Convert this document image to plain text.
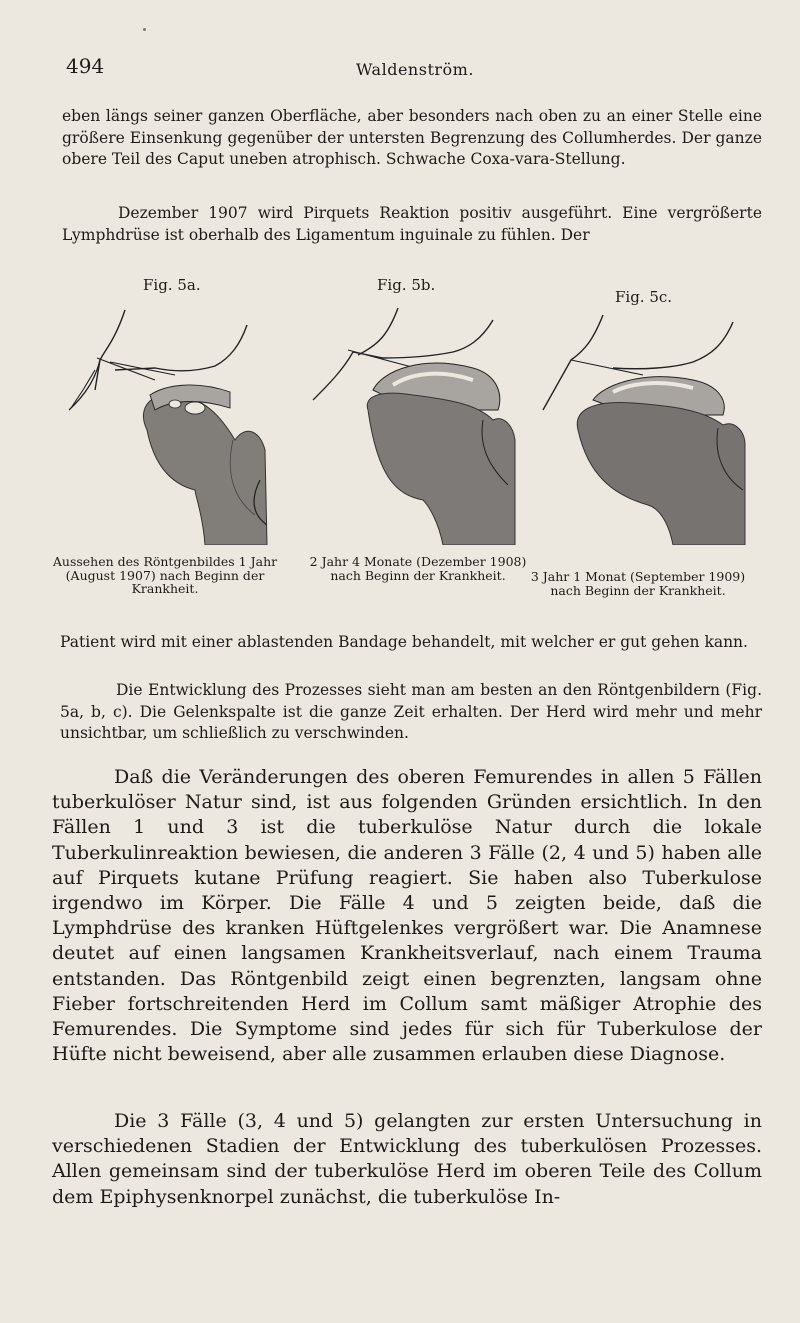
494	Waldenström.

eben längs seiner ganzen Oberfläche, aber besonders nach oben zu an einer Stelle eine größere Einsenkung gegenüber der untersten Begrenzung des Collumherdes. Der ganze obere Teil des Caput uneben atrophisch. Schwache Coxa-vara-Stellung.

Dezember 1907 wird Pirquets Reaktion positiv ausgeführt. Eine vergrößerte Lymphdrüse ist oberhalb des Ligamentum inguinale zu fühlen. Der

Fig. 5a.
Aussehen des Röntgenbildes 1 Jahr (August 1907) nach Beginn der Krankheit.
Fig. 5b.
2 Jahr 4 Monate (Dezember 1908) nach Beginn der Krankheit.
Fig. 5c.
3 Jahr 1 Monat (September 1909) nach Beginn der Krankheit.

Patient wird mit einer ablastenden Bandage behandelt, mit welcher er gut gehen kann.

Die Entwicklung des Prozesses sieht man am besten an den Röntgenbildern (Fig. 5a, b, c). Die Gelenkspalte ist die ganze Zeit erhalten. Der Herd wird mehr und mehr unsichtbar, um schließlich zu verschwinden.

Daß die Veränderungen des oberen Femurendes in allen 5 Fällen tuberkulöser Natur sind, ist aus folgenden Gründen ersichtlich. In den Fällen 1 und 3 ist die tuberkulöse Natur durch die lokale Tuberkulinreaktion bewiesen, die anderen 3 Fälle (2, 4 und 5) haben alle auf Pirquets kutane Prüfung reagiert. Sie haben also Tuberkulose irgendwo im Körper. Die Fälle 4 und 5 zeigten beide, daß die Lymphdrüse des kranken Hüftgelenkes vergrößert war. Die Anamnese deutet auf einen langsamen Krankheitsverlauf, nach einem Trauma entstanden. Das Röntgenbild zeigt einen begrenzten, langsam ohne Fieber fortschreitenden Herd im Collum samt mäßiger Atrophie des Femurendes. Die Symptome sind jedes für sich für Tuberkulose der Hüfte nicht beweisend, aber alle zusammen erlauben diese Diagnose.

Die 3 Fälle (3, 4 und 5) gelangten zur ersten Untersuchung in verschiedenen Stadien der Entwicklung des tuberkulösen Prozesses. Allen gemeinsam sind der tuberkulöse Herd im oberen Teile des Collum dem Epiphysenknorpel zunächst, die tuberkulöse In-
